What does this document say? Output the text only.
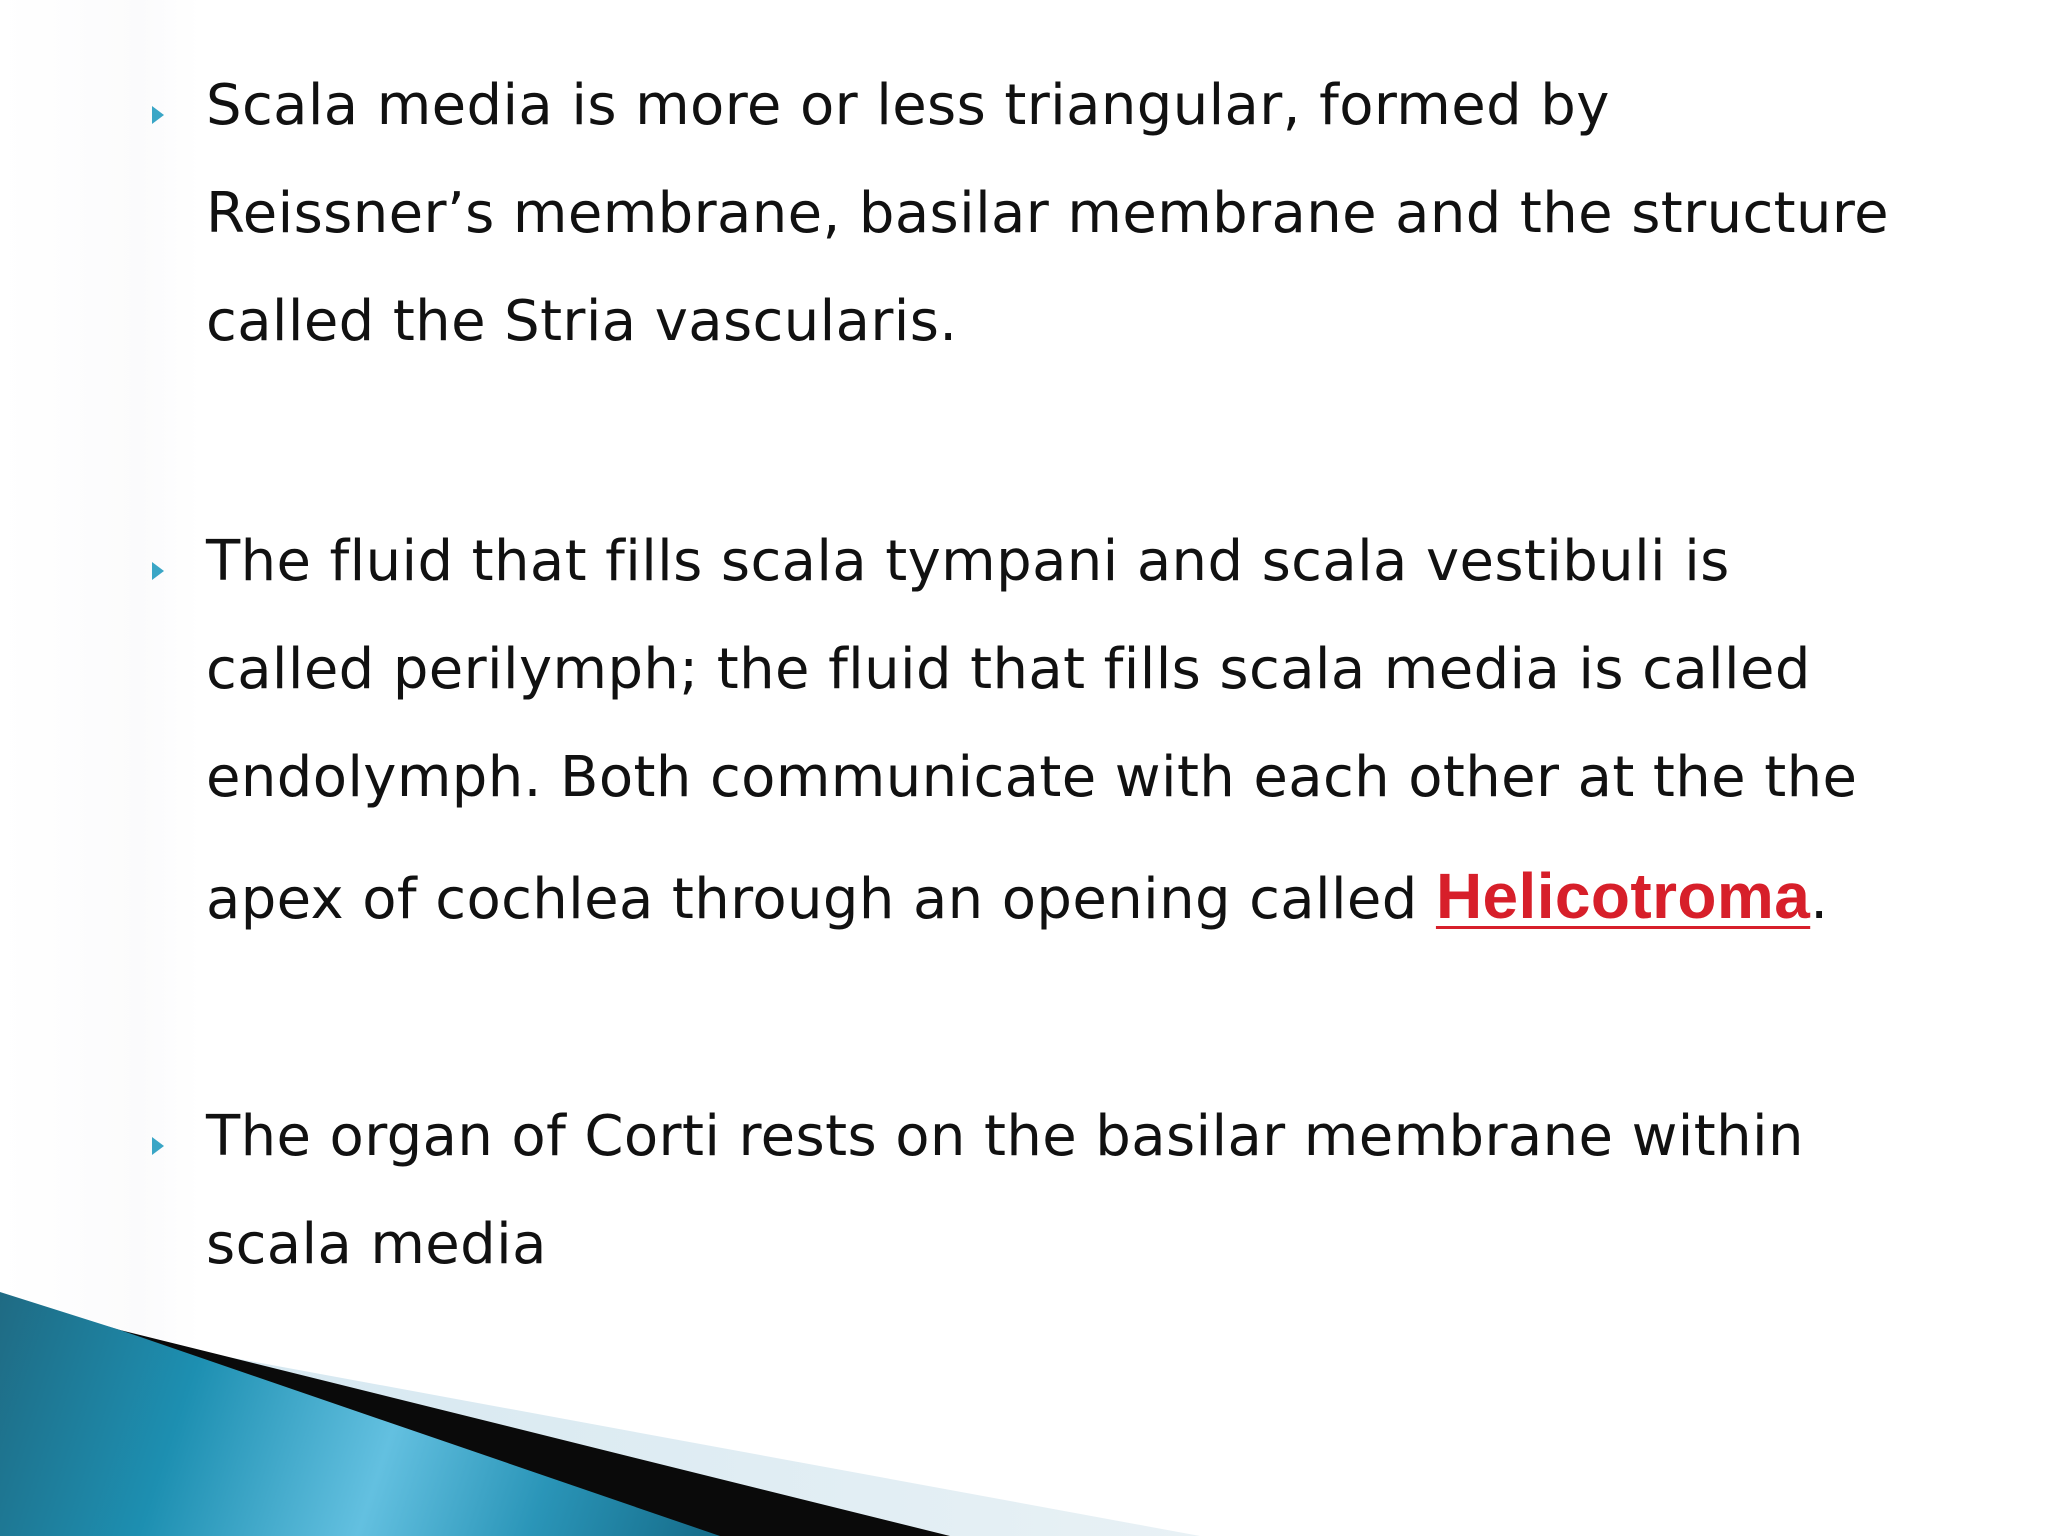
Scala media is more or less triangular, formed by
Reissner’s membrane, basilar membrane and the structure
called the Stria vascularis.
The fluid that fills scala tympani and scala vestibuli is
called perilymph; the fluid that fills scala media is called
endolymph. Both communicate with each other at the the
apex of cochlea through an opening called Helicotroma.
The organ of Corti rests on the basilar membrane within
scala media
